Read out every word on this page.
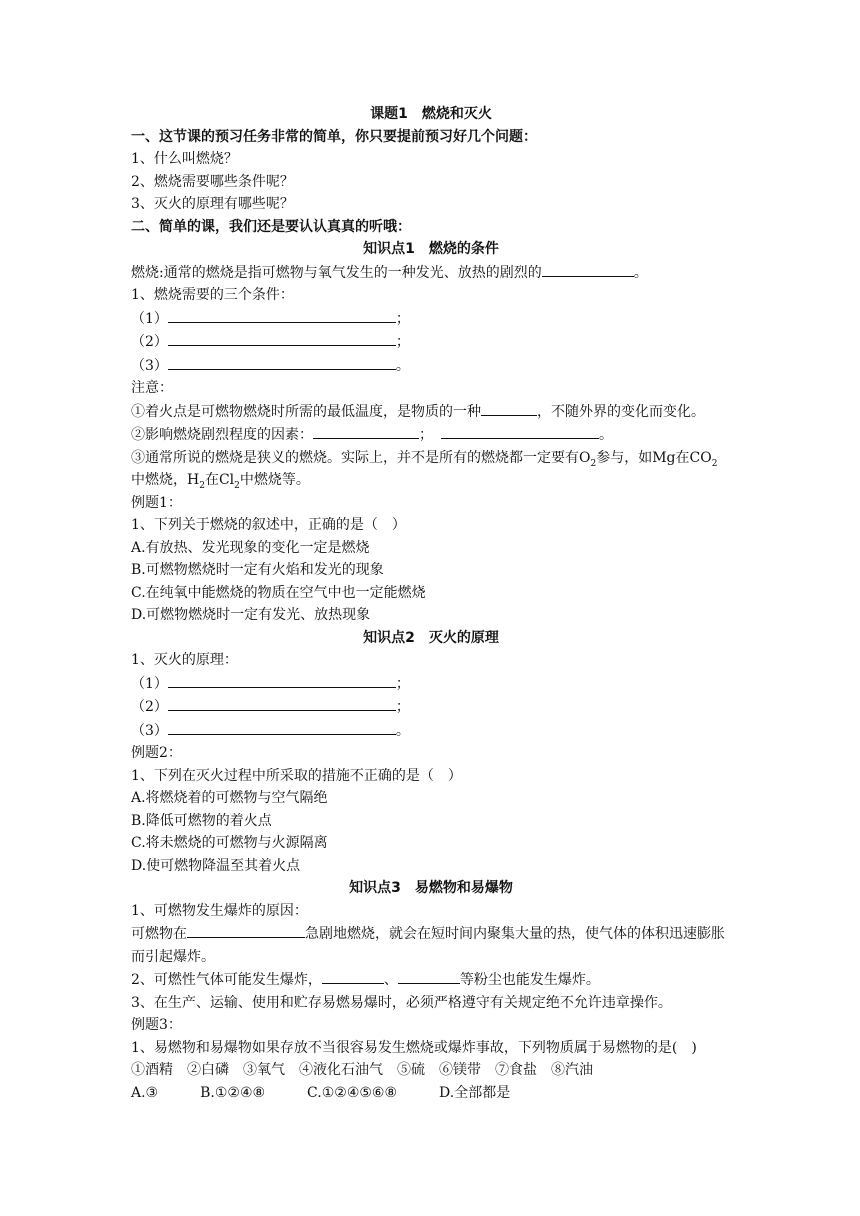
课题1　燃烧和灭火
一、这节课的预习任务非常的简单，你只要提前预习好几个问题：
1、什么叫燃烧？
2、燃烧需要哪些条件呢？
3、灭火的原理有哪些呢？
二、简单的课，我们还是要认认真真的听哦：
知识点1　燃烧的条件
燃烧:通常的燃烧是指可燃物与氧气发生的一种发光、放热的剧烈的	。
1、燃烧需要的三个条件：
（1）	；
（2）	；
（3）	。
注意：
①着火点是可燃物燃烧时所需的最低温度，是物质的一种	，不随外界的变化而变化。
②影响燃烧剧烈程度的因素：	；	。
③通常所说的燃烧是狭义的燃烧。实际上，并不是所有的燃烧都一定要有$O_2$参与，如Mg在$CO_2$中燃烧，$H_2$在$Cl_2$中燃烧等。
例题1：
1、下列关于燃烧的叙述中，正确的是（　）
A.有放热、发光现象的变化一定是燃烧
B.可燃物燃烧时一定有火焰和发光的现象
C.在纯氧中能燃烧的物质在空气中也一定能燃烧
D.可燃物燃烧时一定有发光、放热现象
知识点2　灭火的原理
1、灭火的原理：
（1）	；
（2）	；
（3）	。
例题2：
1、下列在灭火过程中所采取的措施不正确的是（　）
A.将燃烧着的可燃物与空气隔绝
B.降低可燃物的着火点
C.将未燃烧的可燃物与火源隔离
D.使可燃物降温至其着火点
知识点3　易燃物和易爆物
1、可燃物发生爆炸的原因：
可燃物在	急剧地燃烧，就会在短时间内聚集大量的热，使气体的体积迅速膨胀而引起爆炸。
2、可燃性气体可能发生爆炸，	、	等粉尘也能发生爆炸。
3、在生产、运输、使用和贮存易燃易爆时，必须严格遵守有关规定绝不允许违章操作。
例题3：
1、易燃物和易爆物如果存放不当很容易发生燃烧或爆炸事故，下列物质属于易燃物的是(　)
①酒精　②白磷　③氧气　④液化石油气　⑤硫　⑥镁带　⑦食盐　⑧汽油
A.③　　　B.①②④⑧　　　C.①②④⑤⑥⑧　　　D.全部都是
